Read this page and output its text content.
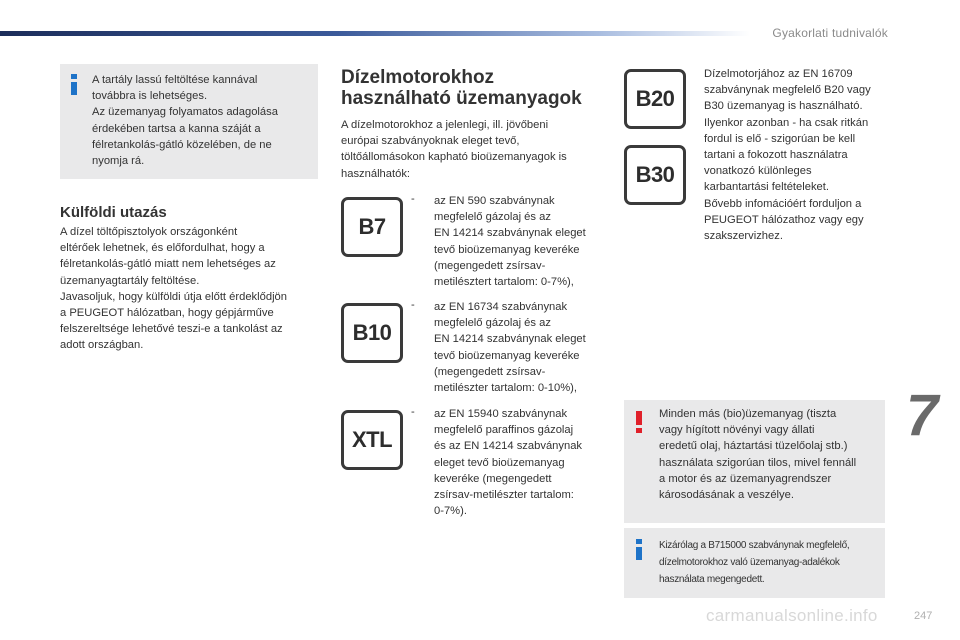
Gyakorlati tudnivalók
A tartály lassú feltöltése kannával
továbbra is lehetséges.
Az üzemanyag folyamatos adagolása
érdekében tartsa a kanna száját a
félretankolás-gátló közelében, de ne
nyomja rá.
Külföldi utazás
A dízel töltőpisztolyok országonként
eltérőek lehetnek, és előfordulhat, hogy a
félretankolás-gátló miatt nem lehetséges az
üzemanyagtartály feltöltése.
Javasoljuk, hogy külföldi útja előtt érdeklődjön
a PEUGEOT hálózatban, hogy gépjárműve
felszereltsége lehetővé teszi-e a tankolást az
adott országban.
Dízelmotorokhoz
használható üzemanyagok
A dízelmotorokhoz a jelenlegi, ill. jövőbeni
európai szabványoknak eleget tevő,
töltőállomásokon kapható bioüzemanyagok is
használhatók:
B7
- az EN 590 szabványnak
megfelelő gázolaj és az
EN 14214 szabványnak eleget
tevő bioüzemanyag keveréke
(megengedett zsírsav-
metilésztert tartalom: 0-7%),
B10
- az EN 16734 szabványnak
megfelelő gázolaj és az
EN 14214 szabványnak eleget
tevő bioüzemanyag keveréke
(megengedett zsírsav-
metilészter tartalom: 0-10%),
XTL
- az EN 15940 szabványnak
megfelelő paraffinos gázolaj
és az EN 14214 szabványnak
eleget tevő bioüzemanyag
keveréke (megengedett
zsírsav-metilészter tartalom:
0-7%).
B20
B30
Dízelmotorjához az EN 16709
szabványnak megfelelő B20 vagy
B30 üzemanyag is használható.
Ilyenkor azonban - ha csak ritkán
fordul is elő - szigorúan be kell
tartani a fokozott használatra
vonatkozó különleges
karbantartási feltételeket.
Bővebb infomációért forduljon a
PEUGEOT hálózathoz vagy egy
szakszervizhez.
Minden más (bio)üzemanyag (tiszta
vagy hígított növényi vagy állati
eredetű olaj, háztartási tüzelőolaj stb.)
használata szigorúan tilos, mivel fennáll
a motor és az üzemanyagrendszer
károsodásának a veszélye.
Kizárólag a B715000 szabványnak megfelelő,
dízelmotorokhoz való üzemanyag-adalékok
használata megengedett.
7
carmanualsonline.info	247
